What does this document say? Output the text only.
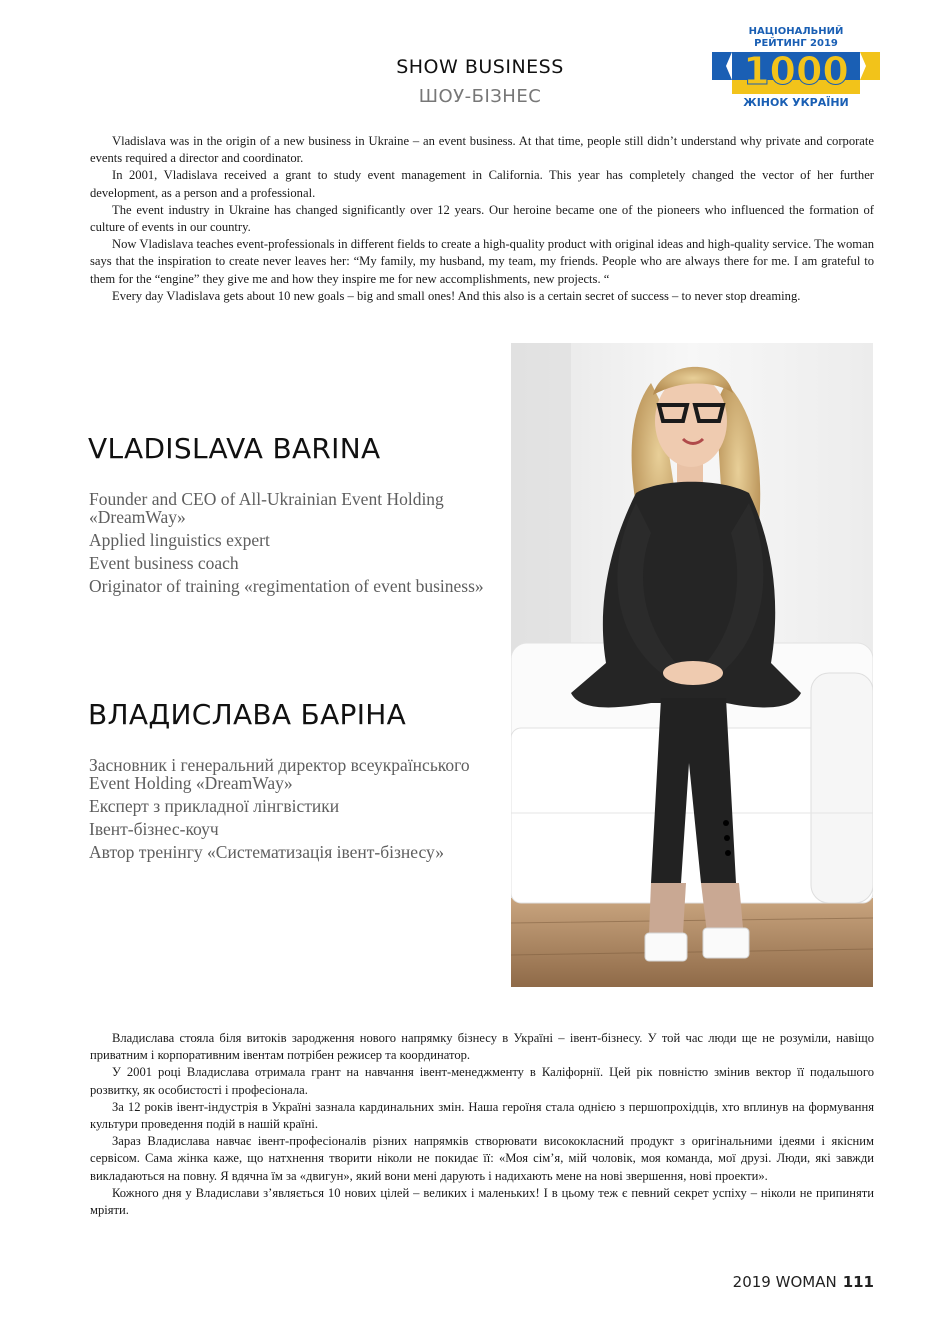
SHOW BUSINESS
ШОУ-БІЗНЕС
НАЦІОНАЛЬНИЙ
РЕЙТИНГ 2019
1000
ЖІНОК УКРАЇНИ

Vladislava was in the origin of a new business in Ukraine – an event business. At that time, people still didn’t understand why private and corporate events required a director and coordinator.

In 2001, Vladislava received a grant to study event management in California. This year has completely changed the vector of her further development, as a person and a professional.

The event industry in Ukraine has changed significantly over 12 years. Our heroine became one of the pioneers who influenced the formation of culture of events in our country.

Now Vladislava teaches event-professionals in different fields to create a high-quality product with original ideas and high-quality service. The woman says that the inspiration to create never leaves her: “My family, my husband, my team, my friends. People who are always there for me. I am grateful to them for the “engine” they give me and how they inspire me for new accomplishments, new projects. “

Every day Vladislava gets about 10 new goals – big and small ones! And this also is a certain secret of success – to never stop dreaming.

VLADISLAVA BARINA
Founder and CEO of All-Ukrainian Event Holding «DreamWay»
Applied linguistics expert
Event business coach
Originator of training «regimentation of event business»
ВЛАДИСЛАВА БАРІНА
Засновник і генеральний директор всеукраїнського Event Holding «DreamWay»
Експерт з прикладної лінгвістики
Івент-бізнес-коуч
Автор тренінгу «Систематизація івент-бізнесу»

Владислава стояла біля витоків зародження нового напрямку бізнесу в Україні – івент-бізнесу. У той час люди ще не розуміли, навіщо приватним і корпоративним івентам потрібен режисер та координатор.

У 2001 році Владислава отримала грант на навчання івент-менеджменту в Каліфорнії. Цей рік повністю змінив вектор її подальшого розвитку, як особистості і професіонала.

За 12 років івент-індустрія в Україні зазнала кардинальних змін. Наша героїня стала однією з першопрохідців, хто вплинув на формування культури проведення подій в нашій країні.

Зараз Владислава навчає івент-професіоналів різних напрямків створювати висококласний продукт з оригінальними ідеями і якісним сервісом. Сама жінка каже, що натхнення творити ніколи не покидає її: «Моя сім’я, мій чоловік, моя команда, мої друзі. Люди, які завжди викладаються на повну. Я вдячна їм за «двигун», який вони мені дарують і надихають мене на нові звершення, нові проекти».

Кожного дня у Владислави з’являється 10 нових цілей – великих і маленьких! І в цьому теж є певний секрет успіху – ніколи не припиняти мріяти.

2019 WOMAN 111
